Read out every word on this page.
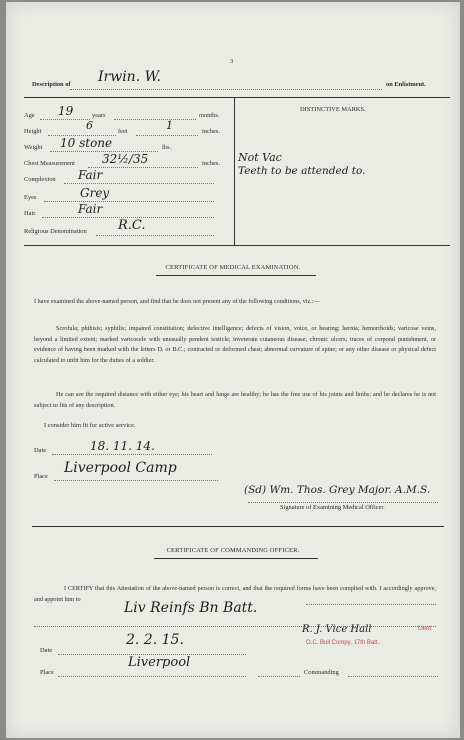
3
Description of Irwin. W.	on Enlistment.
Age 19	years	months.
Height	6	feet	1	inches.
Weight 10 stone	lbs.
Chest Measurement 32½/35	inches.
Complexion Fair
Eyes	Grey
Hair	Fair
Religious Denomination R.C.
DISTINCTIVE MARKS.
Not Vac
Teeth to be attended to.
CERTIFICATE OF MEDICAL EXAMINATION.
I have examined the above-named person, and find that he does not present any of the following conditions, viz.:—
Scrofula; phthisis; syphilis; impaired constitution; defective intelligence; defects of vision, voice, or hearing; hernia; hemorrhoids; varicose veins, beyond a limited extent; marked varicocele with unusually pendent testicle; inveterate cutaneous disease; chronic ulcers; traces of corporal punishment, or evidence of having been marked with the letters D. or B.C.; contracted or deformed chest; abnormal curvature of spine; or any other disease or physical defect calculated to unfit him for the duties of a soldier.
He can see the required distance with either eye; his heart and lungs are healthy; he has the free use of his joints and limbs; and he declares he is not subject to fits of any description.
I consider him fit for active service.
Date	18. 11. 14.
Place
Liverpool Camp
(Sd) Wm. Thos. Grey Major. A.M.S.
Signature of Examining Medical Officer.
CERTIFICATE OF COMMANDING OFFICER.
I CERTIFY that this Attestation of the above-named person is correct, and that the required forms have been complied with. I accordingly approve, and appoint him to
Liv Reinfs Bn Batt.
Date
2. 2. 15.
Place
Liverpool
R. J. Vice Hall	Lieut.
O.C. Bull Compy, 17th Batt.
Commanding
